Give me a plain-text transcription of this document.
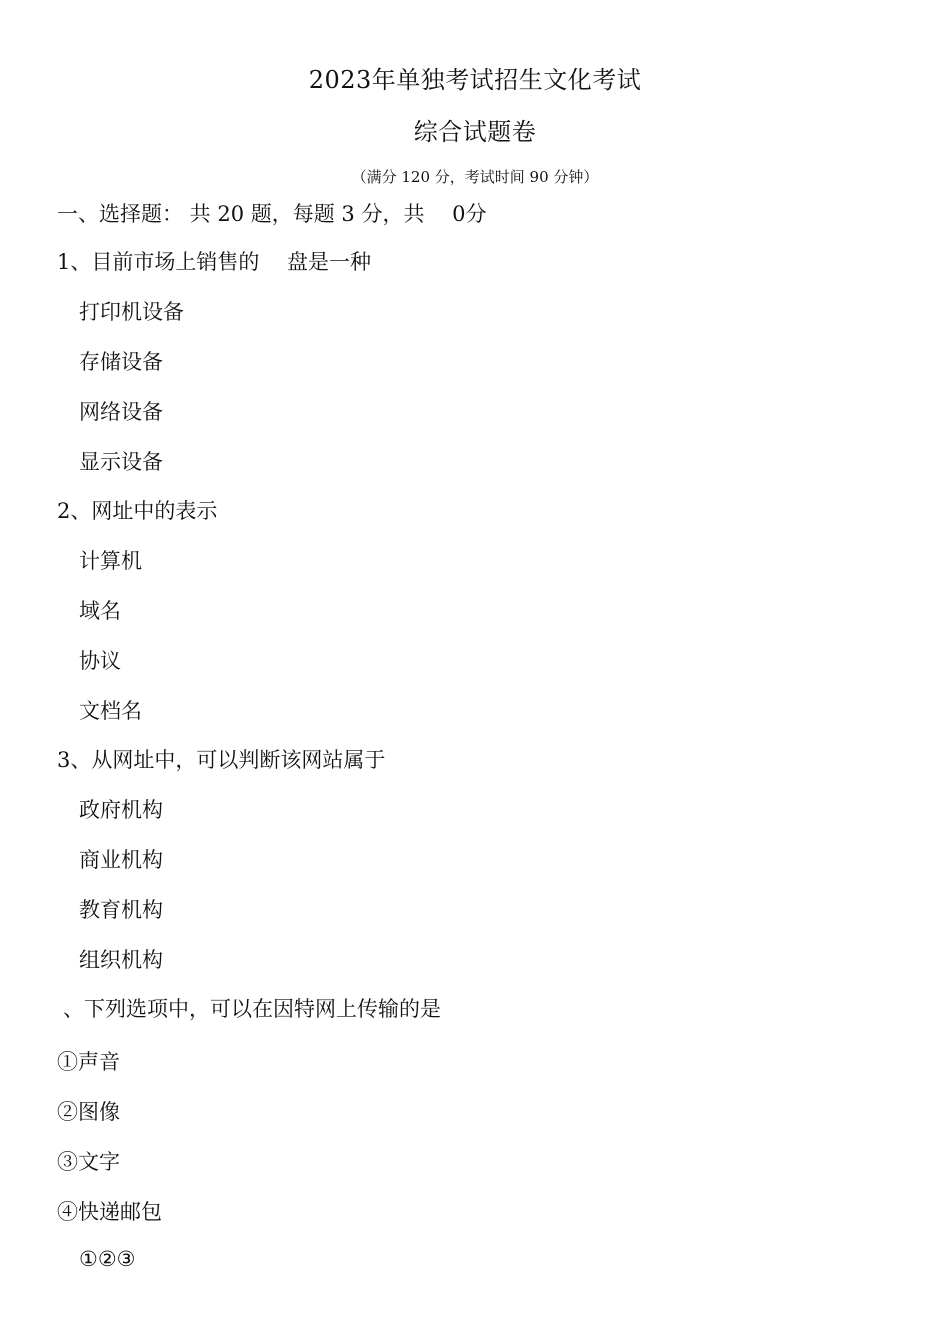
2023年单独考试招生文化考试
综合试题卷
（满分 120 分，考试时间 90 分钟）
一、选择题： 共 20 题，每题 3 分，共　 0分
1、目前市场上销售的　 盘是一种
打印机设备
存储设备
网络设备
显示设备
2、网址中的表示
计算机
域名
协议
文档名
3、从网址中，可以判断该网站属于
政府机构
商业机构
教育机构
组织机构
、下列选项中，可以在因特网上传输的是
①声音
②图像
③文字
④快递邮包
①②③
